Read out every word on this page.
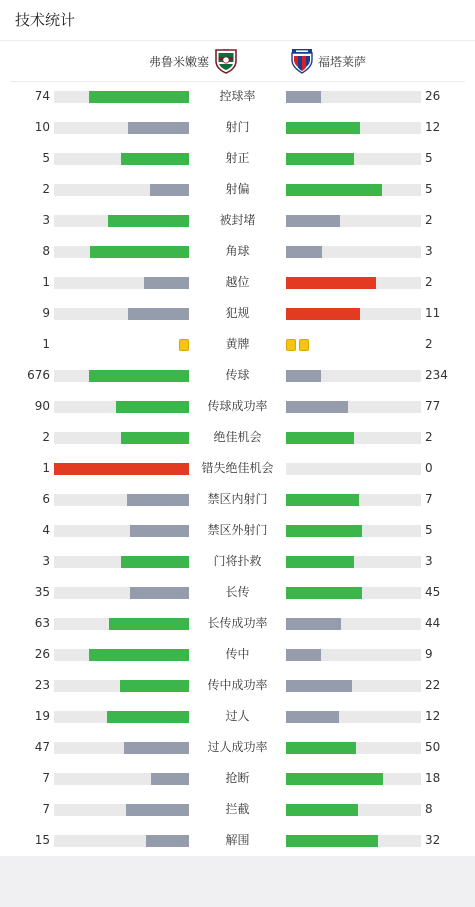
技术统计
弗鲁米嫩塞	福塔莱萨
74	控球率	26
10	射门	12
5	射正	5
2	射偏	5
3	被封堵	2
8	角球	3
1	越位	2
9	犯规	11
1	黄牌	2
676	传球	234
90	传球成功率	77
2	绝佳机会	2
1	错失绝佳机会	0
6	禁区内射门	7
4	禁区外射门	5
3	门将扑救	3
35	长传	45
63	长传成功率	44
26	传中	9
23	传中成功率	22
19	过人	12
47	过人成功率	50
7	抢断	18
7	拦截	8
15	解围	32
